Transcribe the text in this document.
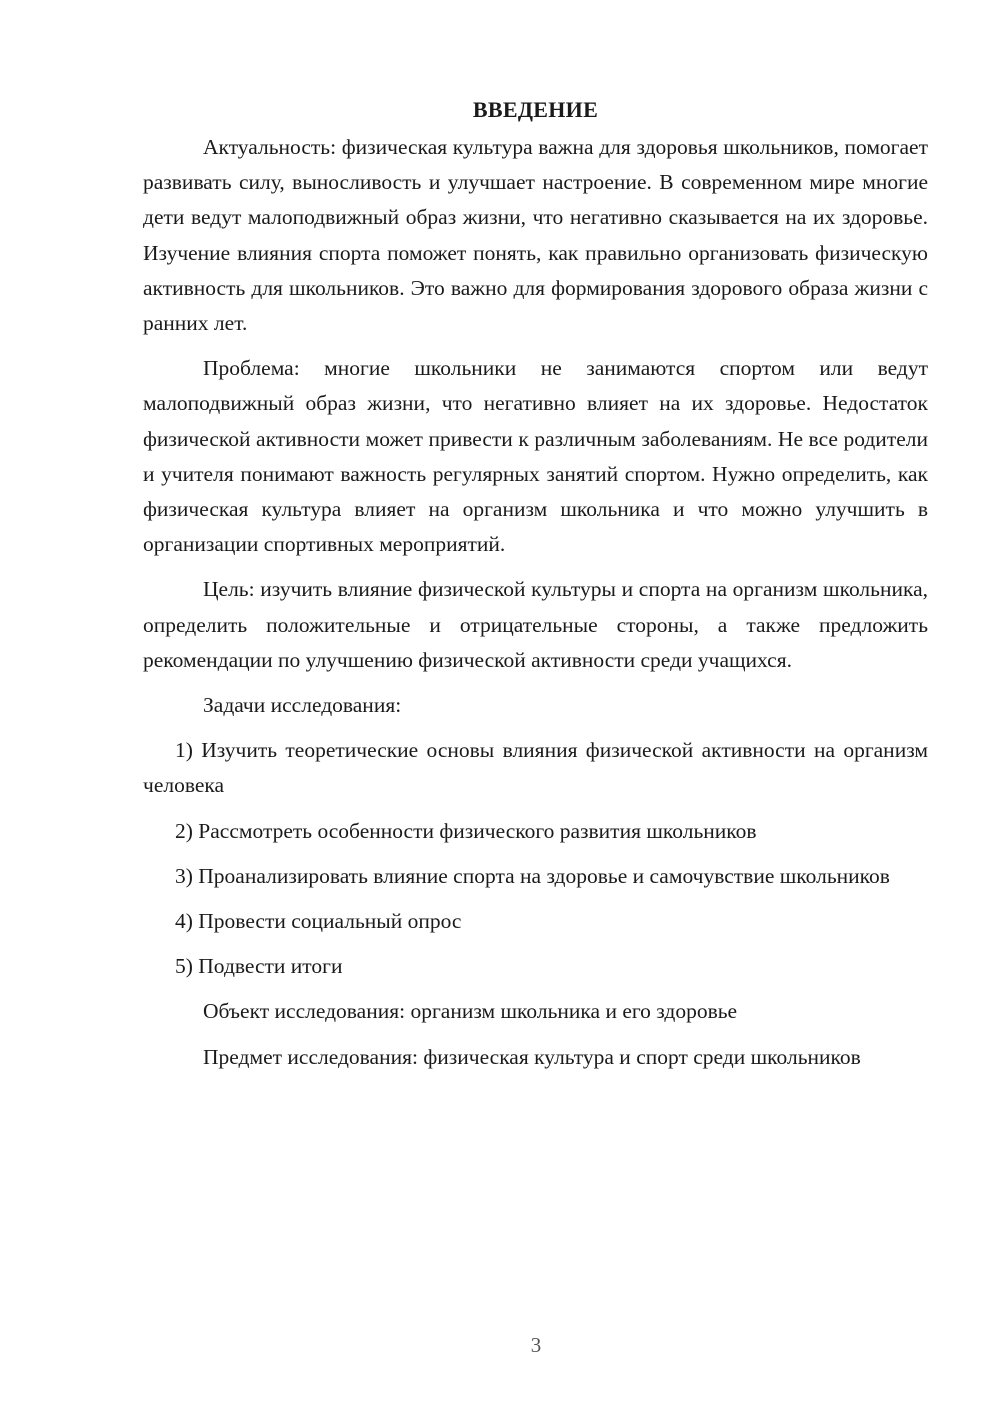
ВВЕДЕНИЕ

Актуальность: физическая культура важна для здоровья школьников, помогает развивать силу, выносливость и улучшает настроение. В современном мире многие дети ведут малоподвижный образ жизни, что негативно сказывается на их здоровье. Изучение влияния спорта поможет понять, как правильно организовать физическую активность для школьников. Это важно для формирования здорового образа жизни с ранних лет.

Проблема: многие школьники не занимаются спортом или ведут малоподвижный образ жизни, что негативно влияет на их здоровье. Недостаток физической активности может привести к различным заболеваниям. Не все родители и учителя понимают важность регулярных занятий спортом. Нужно определить, как физическая культура влияет на организм школьника и что можно улучшить в организации спортивных мероприятий.

Цель: изучить влияние физической культуры и спорта на организм школьника, определить положительные и отрицательные стороны, а также предложить рекомендации по улучшению физической активности среди учащихся.

Задачи исследования:

1) Изучить теоретические основы влияния физической активности на организм человека

2) Рассмотреть особенности физического развития школьников

3) Проанализировать влияние спорта на здоровье и самочувствие школьников

4) Провести социальный опрос

5) Подвести итоги

Объект исследования: организм школьника и его здоровье

Предмет исследования: физическая культура и спорт среди школьников

3
